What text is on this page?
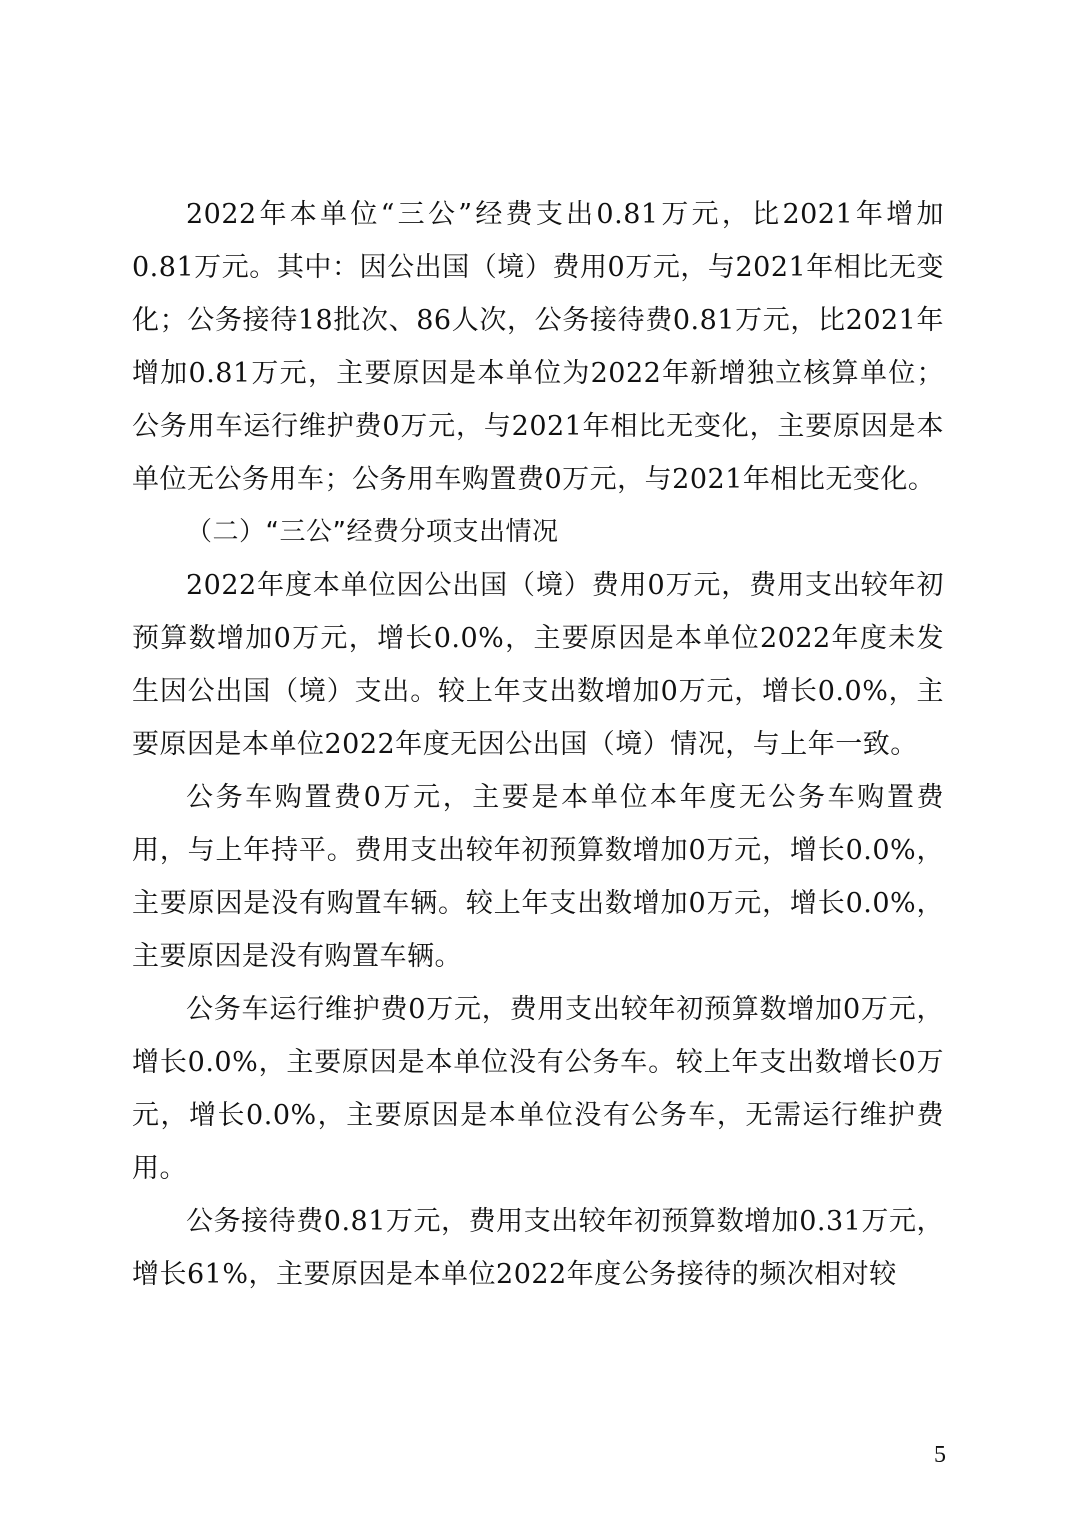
2022年本单位“三公”经费支出0.81万元，比2021年增加0.81万元。其中：因公出国（境）费用0万元，与2021年相比无变化；公务接待18批次、86人次，公务接待费0.81万元，比2021年增加0.81万元，主要原因是本单位为2022年新增独立核算单位；公务用车运行维护费0万元，与2021年相比无变化，主要原因是本单位无公务用车；公务用车购置费0万元，与2021年相比无变化。

（二）“三公”经费分项支出情况

2022年度本单位因公出国（境）费用0万元，费用支出较年初预算数增加0万元，增长0.0%，主要原因是本单位2022年度未发生因公出国（境）支出。较上年支出数增加0万元，增长0.0%，主要原因是本单位2022年度无因公出国（境）情况，与上年一致。

公务车购置费0万元，主要是本单位本年度无公务车购置费用，与上年持平。费用支出较年初预算数增加0万元，增长0.0%，主要原因是没有购置车辆。较上年支出数增加0万元，增长0.0%，主要原因是没有购置车辆。

公务车运行维护费0万元，费用支出较年初预算数增加0万元，增长0.0%，主要原因是本单位没有公务车。较上年支出数增长0万元，增长0.0%，主要原因是本单位没有公务车，无需运行维护费用。

公务接待费0.81万元，费用支出较年初预算数增加0.31万元，增长61%，主要原因是本单位2022年度公务接待的频次相对较

5
